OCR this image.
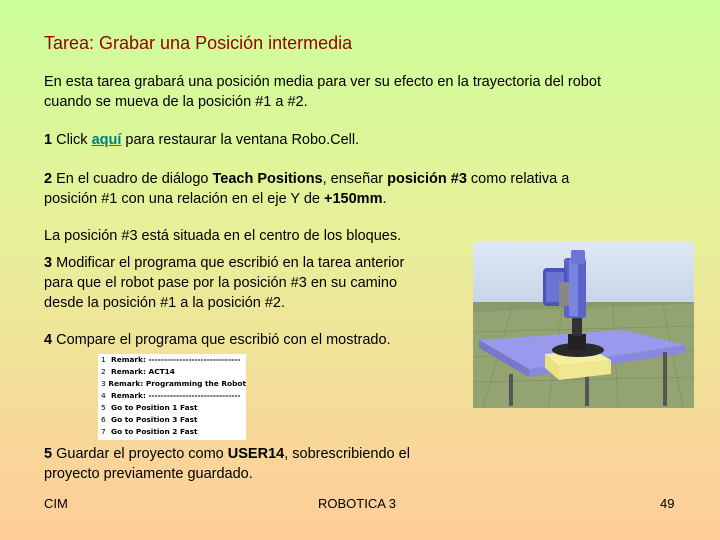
Tarea: Grabar una Posición intermedia
En esta tarea grabará una posición media para ver su efecto en la trayectoria del robot
cuando se mueva de la posición #1 a #2.
1 Click aquí para restaurar la ventana Robo.Cell.
2 En el cuadro de diálogo Teach Positions, enseñar posición #3 como relativa a
posición #1 con una relación en el eje Y de +150mm.
La posición #3 está situada en el centro de los bloques.
3 Modificar el programa que escribió en la tarea anterior
para que el robot pase por la posición #3 en su camino
desde la posición #1 a la posición #2.
4 Compare el programa que escribió con el mostrado.
1 Remark: ------------------------------
2 Remark: ACT14
3 Remark: Programming the Robot
4 Remark: ------------------------------
5 Go to Position 1 Fast
6 Go to Position 3 Fast
7 Go to Position 2 Fast
5 Guardar el proyecto como USER14, sobrescribiendo el
proyecto previamente guardado.
CIM	ROBOTICA 3	49
